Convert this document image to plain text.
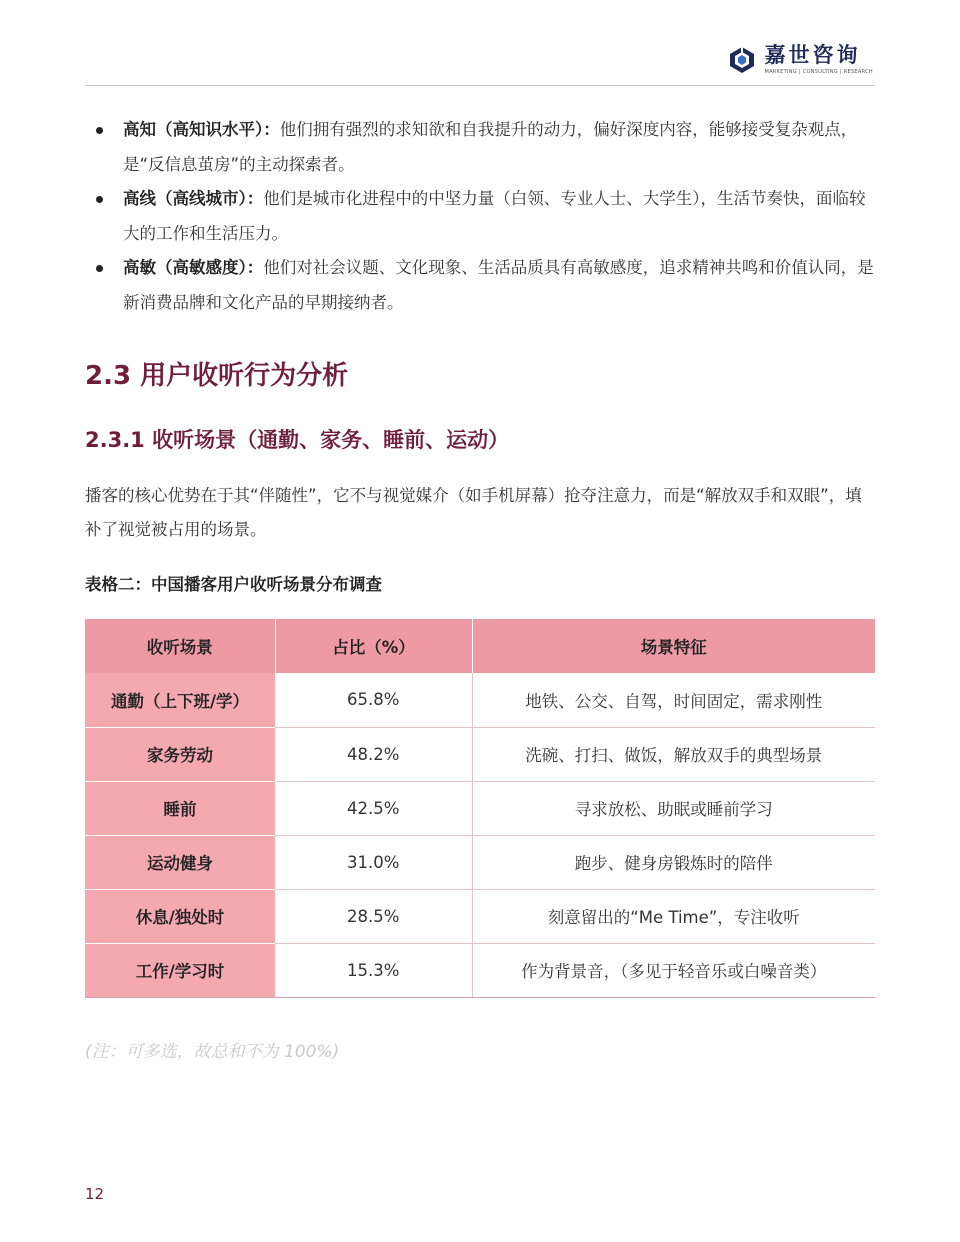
嘉世咨询
MARKETING | CONSULTING | RESEARCH
高知（高知识水平）：他们拥有强烈的求知欲和自我提升的动力，偏好深度内容，能够接受复杂观点，是“反信息茧房”的主动探索者。
高线（高线城市）：他们是城市化进程中的中坚力量（白领、专业人士、大学生），生活节奏快，面临较大的工作和生活压力。
高敏（高敏感度）：他们对社会议题、文化现象、生活品质具有高敏感度，追求精神共鸣和价值认同，是新消费品牌和文化产品的早期接纳者。
2.3 用户收听行为分析
2.3.1 收听场景（通勤、家务、睡前、运动）

播客的核心优势在于其“伴随性”，它不与视觉媒介（如手机屏幕）抢夺注意力，而是“解放双手和双眼”，填补了视觉被占用的场景。

表格二：中国播客用户收听场景分布调查
收听场景	占比（%）	场景特征
通勤（上下班/学）	65.8%	地铁、公交、自驾，时间固定，需求刚性
家务劳动	48.2%	洗碗、打扫、做饭，解放双手的典型场景
睡前	42.5%	寻求放松、助眠或睡前学习
运动健身	31.0%	跑步、健身房锻炼时的陪伴
休息/独处时	28.5%	刻意留出的“Me Time”，专注收听
工作/学习时	15.3%	作为背景音，（多见于轻音乐或白噪音类）
(注：可多选，故总和不为 100%)
12
